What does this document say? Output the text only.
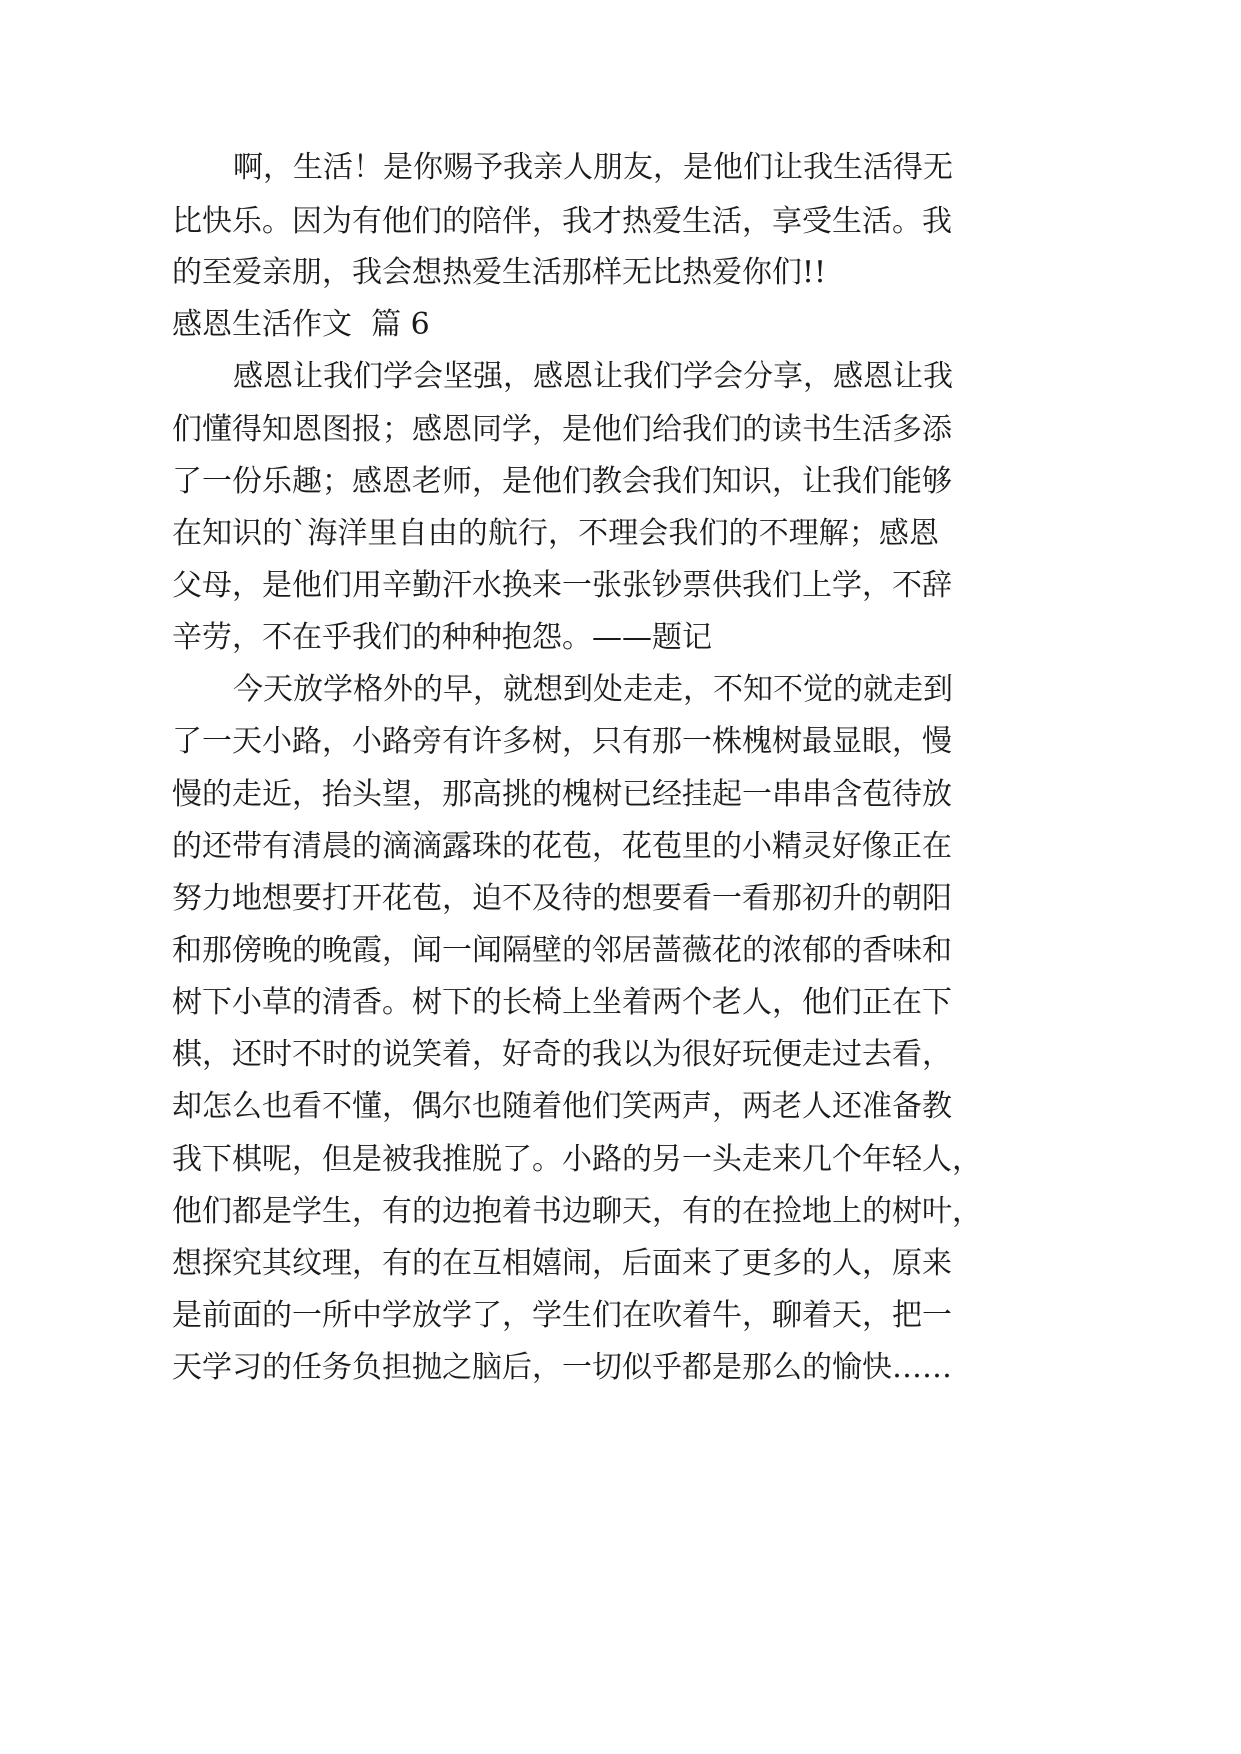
啊，生活！是你赐予我亲人朋友，是他们让我生活得无
比快乐。因为有他们的陪伴，我才热爱生活，享受生活。我
的至爱亲朋，我会想热爱生活那样无比热爱你们!!
感恩生活作文  篇 6
感恩让我们学会坚强，感恩让我们学会分享，感恩让我
们懂得知恩图报；感恩同学，是他们给我们的读书生活多添
了一份乐趣；感恩老师，是他们教会我们知识，让我们能够
在知识的`海洋里自由的航行，不理会我们的不理解；感恩
父母，是他们用辛勤汗水换来一张张钞票供我们上学，不辞
辛劳，不在乎我们的种种抱怨。——题记
今天放学格外的早，就想到处走走，不知不觉的就走到
了一天小路，小路旁有许多树，只有那一株槐树最显眼，慢
慢的走近，抬头望，那高挑的槐树已经挂起一串串含苞待放
的还带有清晨的滴滴露珠的花苞，花苞里的小精灵好像正在
努力地想要打开花苞，迫不及待的想要看一看那初升的朝阳
和那傍晚的晚霞，闻一闻隔壁的邻居蔷薇花的浓郁的香味和
树下小草的清香。树下的长椅上坐着两个老人，他们正在下
棋，还时不时的说笑着，好奇的我以为很好玩便走过去看，
却怎么也看不懂，偶尔也随着他们笑两声，两老人还准备教
我下棋呢，但是被我推脱了。小路的另一头走来几个年轻人，
他们都是学生，有的边抱着书边聊天，有的在捡地上的树叶，
想探究其纹理，有的在互相嬉闹，后面来了更多的人，原来
是前面的一所中学放学了，学生们在吹着牛，聊着天，把一
天学习的任务负担抛之脑后，一切似乎都是那么的愉快……
